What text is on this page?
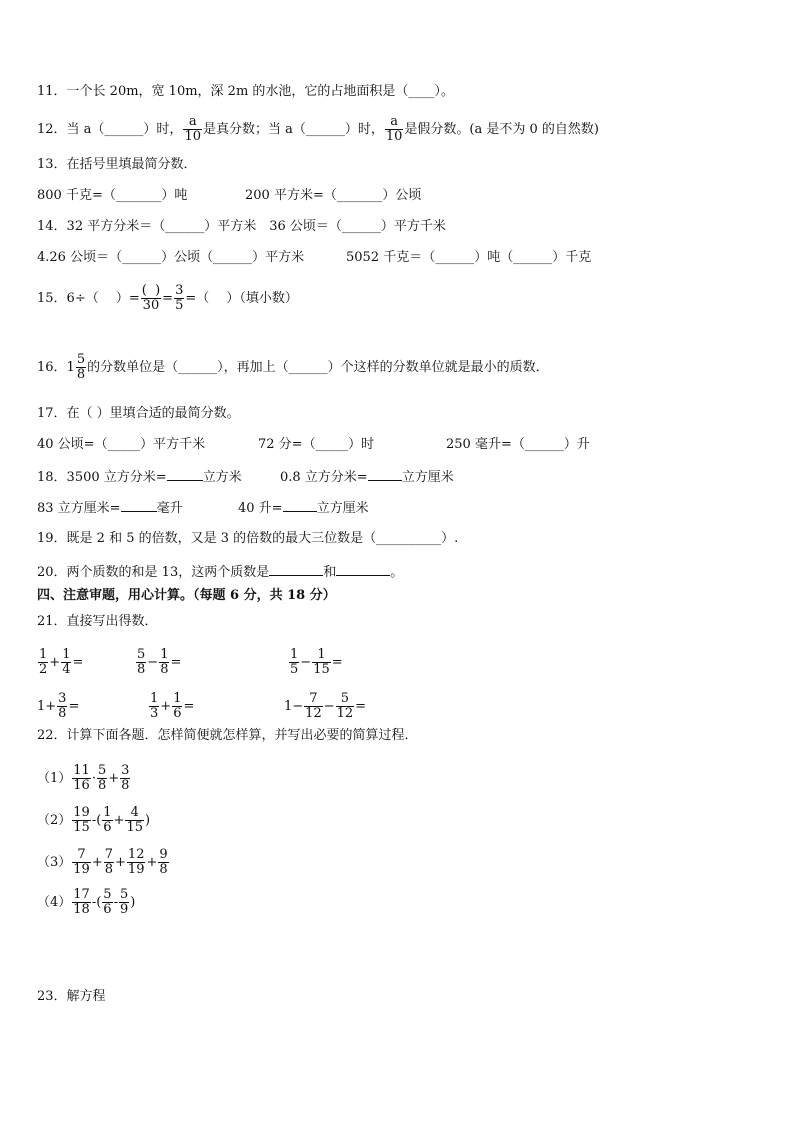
11．一个长 20m，宽 10m，深 2m 的水池，它的占地面积是（____）。
12．当 a（______）时， $\frac{a}{10}$ 是真分数；当 a（______）时， $\frac{a}{10}$ 是假分数。(a 是不为 0 的自然数)
13．在括号里填最简分数．
800 千克=（_______）吨	200 平方米=（_______）公顷
14．32 平方分米＝（______）平方米　36 公顷＝（______）平方千米
4.26 公顷＝（______）公顷（______）平方米	5052 千克＝（______）吨（______）千克
15．6÷（　 ）= $\frac{( )}{30} = \frac{3}{5}$ =（　 ）（填小数）
16．$1 \frac{5}{8}$ 的分数单位是（______），再加上（______）个这样的分数单位就是最小的质数．
17．在（ ）里填合适的最简分数。
40 公顷=（_____）平方千米	72 分=（_____）时	250 毫升=（______）升
18．3500 立方分米=	立方米	0.8 立方分米=	立方厘米
83 立方厘米=	毫升	40 升=	立方厘米
19．既是 2 和 5 的倍数，又是 3 的倍数的最大三位数是（__________）.
20．两个质数的和是 13，这两个质数是	和	。
四、注意审题，用心计算。（每题 6 分，共 18 分）
21．直接写出得数．
$\frac{1}{2} + \frac{1}{4}$ =	$\frac{5}{8} - \frac{1}{8}$ =	$\frac{1}{5} - \frac{1}{15}$ =
$1+ \frac{3}{8}$ =	$\frac{1}{3} + \frac{1}{6}$ =	$1- \frac{7}{12} - \frac{5}{12}$ =
22．计算下面各题．怎样简便就怎样算，并写出必要的简算过程．
$(1) \frac{11}{16} \cdot \frac{5}{8} + \frac{3}{8}$
$(2) \frac{19}{15}$ -( $\frac{1}{6} + \frac{4}{15}$ )
$(3) \frac{7}{19} + \frac{7}{8} + \frac{12}{19} + \frac{9}{8}$
$(4) \frac{17}{18}$ -( $\frac{5}{6} - \frac{5}{9}$ )
23．解方程
